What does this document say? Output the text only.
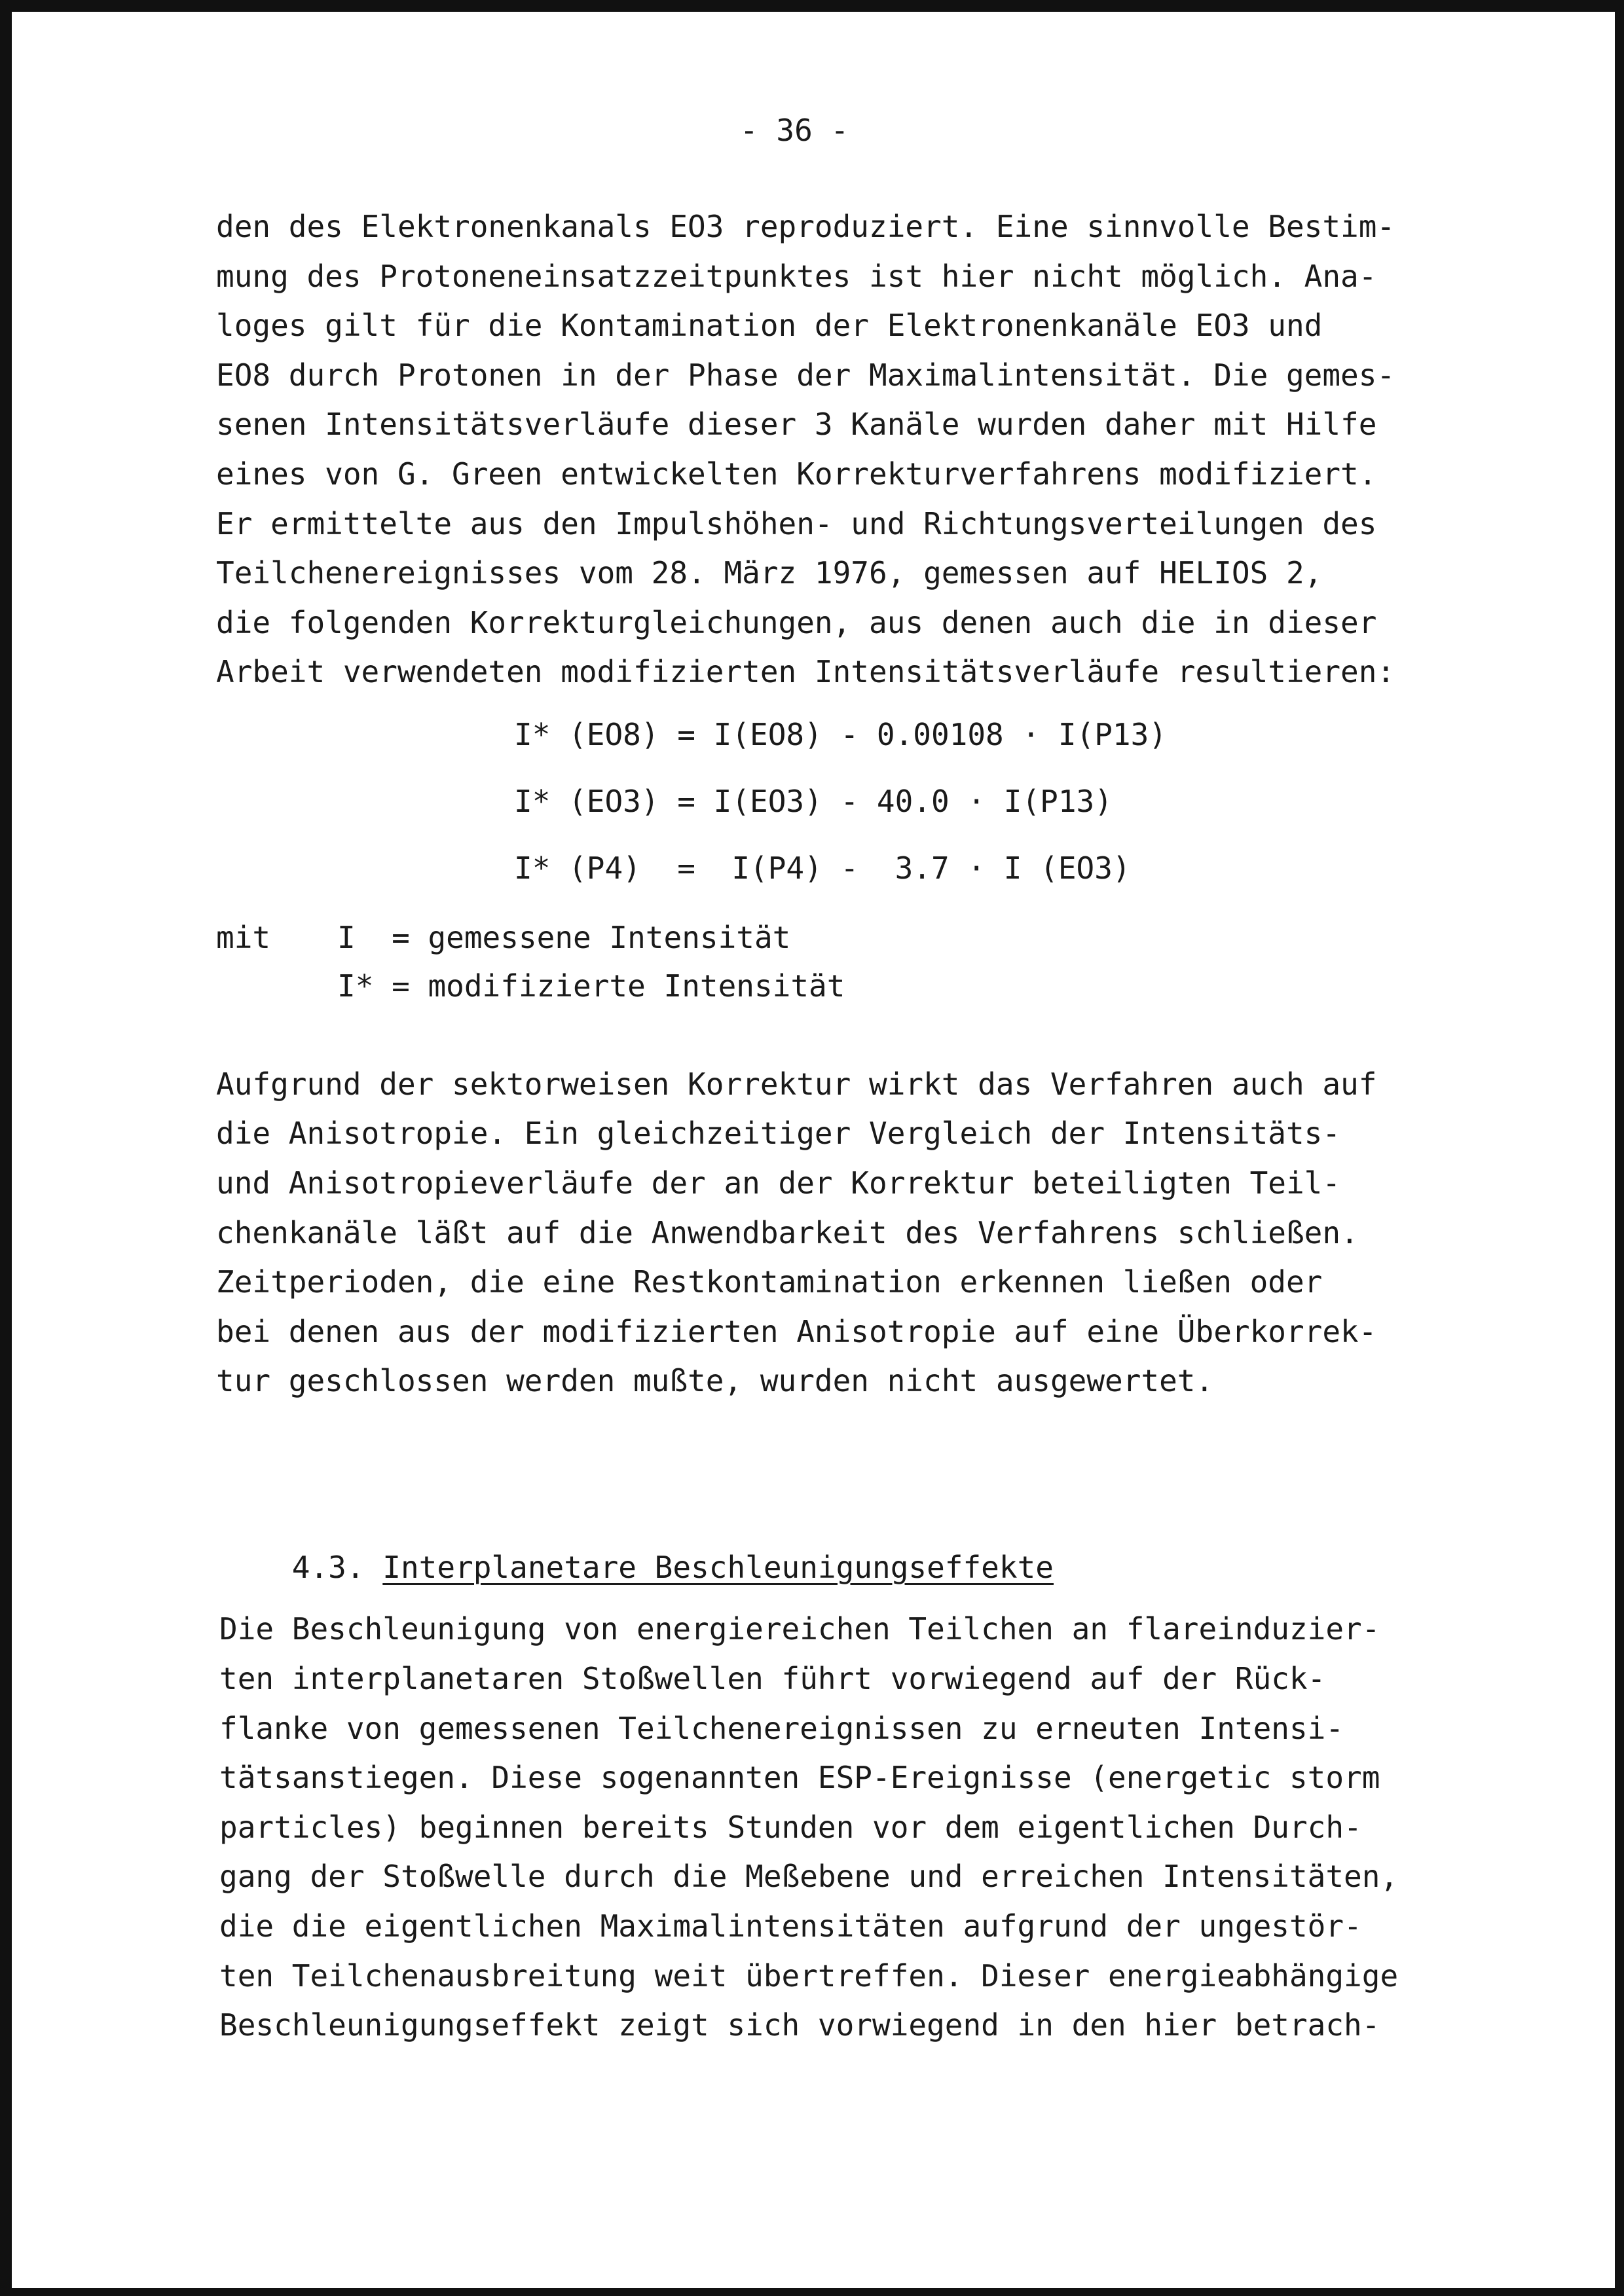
- 36 -
den des Elektronenkanals EO3 reproduziert. Eine sinnvolle Bestim-
mung des Protoneneinsatzzeitpunktes ist hier nicht möglich. Ana-
loges gilt für die Kontamination der Elektronenkanäle EO3 und
EO8 durch Protonen in der Phase der Maximalintensität. Die gemes-
senen Intensitätsverläufe dieser 3 Kanäle wurden daher mit Hilfe
eines von G. Green entwickelten Korrekturverfahrens modifiziert.
Er ermittelte aus den Impulshöhen- und Richtungsverteilungen des
Teilchenereignisses vom 28. März 1976, gemessen auf HELIOS 2,
die folgenden Korrekturgleichungen, aus denen auch die in dieser
Arbeit verwendeten modifizierten Intensitätsverläufe resultieren:
I* (EO8) = I(EO8) - 0.00108 · I(P13)
I* (EO3) = I(EO3) - 40.0 · I(P13)
I* (P4)  =  I(P4) -  3.7 · I (EO3)
mit I  = gemessene Intensität
I* = modifizierte Intensität
Aufgrund der sektorweisen Korrektur wirkt das Verfahren auch auf
die Anisotropie. Ein gleichzeitiger Vergleich der Intensitäts-
und Anisotropieverläufe der an der Korrektur beteiligten Teil-
chenkanäle läßt auf die Anwendbarkeit des Verfahrens schließen.
Zeitperioden, die eine Restkontamination erkennen ließen oder
bei denen aus der modifizierten Anisotropie auf eine Überkorrek-
tur geschlossen werden mußte, wurden nicht ausgewertet.

4.3. Interplanetare Beschleunigungseffekte

Die Beschleunigung von energiereichen Teilchen an flareinduzier-
ten interplanetaren Stoßwellen führt vorwiegend auf der Rück-
flanke von gemessenen Teilchenereignissen zu erneuten Intensi-
tätsanstiegen. Diese sogenannten ESP-Ereignisse (energetic storm
particles) beginnen bereits Stunden vor dem eigentlichen Durch-
gang der Stoßwelle durch die Meßebene und erreichen Intensitäten,
die die eigentlichen Maximalintensitäten aufgrund der ungestör-
ten Teilchenausbreitung weit übertreffen. Dieser energieabhängige
Beschleunigungseffekt zeigt sich vorwiegend in den hier betrach-
